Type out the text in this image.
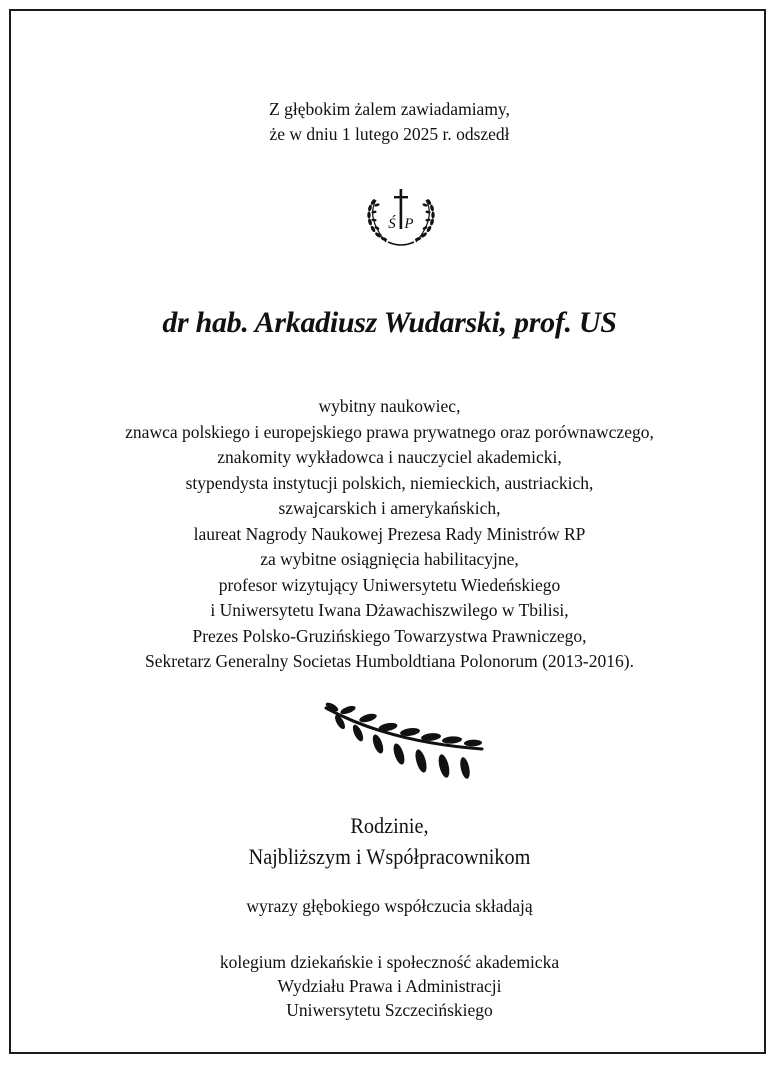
Z głębokim żalem zawiadamiamy,
że w dniu 1 lutego 2025 r. odszedł
Ś P
dr hab. Arkadiusz Wudarski, prof. US
wybitny naukowiec,
znawca polskiego i europejskiego prawa prywatnego oraz porównawczego,
znakomity wykładowca i nauczyciel akademicki,
stypendysta instytucji polskich, niemieckich, austriackich,
szwajcarskich i amerykańskich,
laureat Nagrody Naukowej Prezesa Rady Ministrów RP
za wybitne osiągnięcia habilitacyjne,
profesor wizytujący Uniwersytetu Wiedeńskiego
i Uniwersytetu Iwana Dżawachiszwilego w Tbilisi,
Prezes Polsko-Gruzińskiego Towarzystwa Prawniczego,
Sekretarz Generalny Societas Humboldtiana Polonorum (2013-2016).
Rodzinie,
Najbliższym i Współpracownikom
wyrazy głębokiego współczucia składają
kolegium dziekańskie i społeczność akademicka
Wydziału Prawa i Administracji
Uniwersytetu Szczecińskiego
